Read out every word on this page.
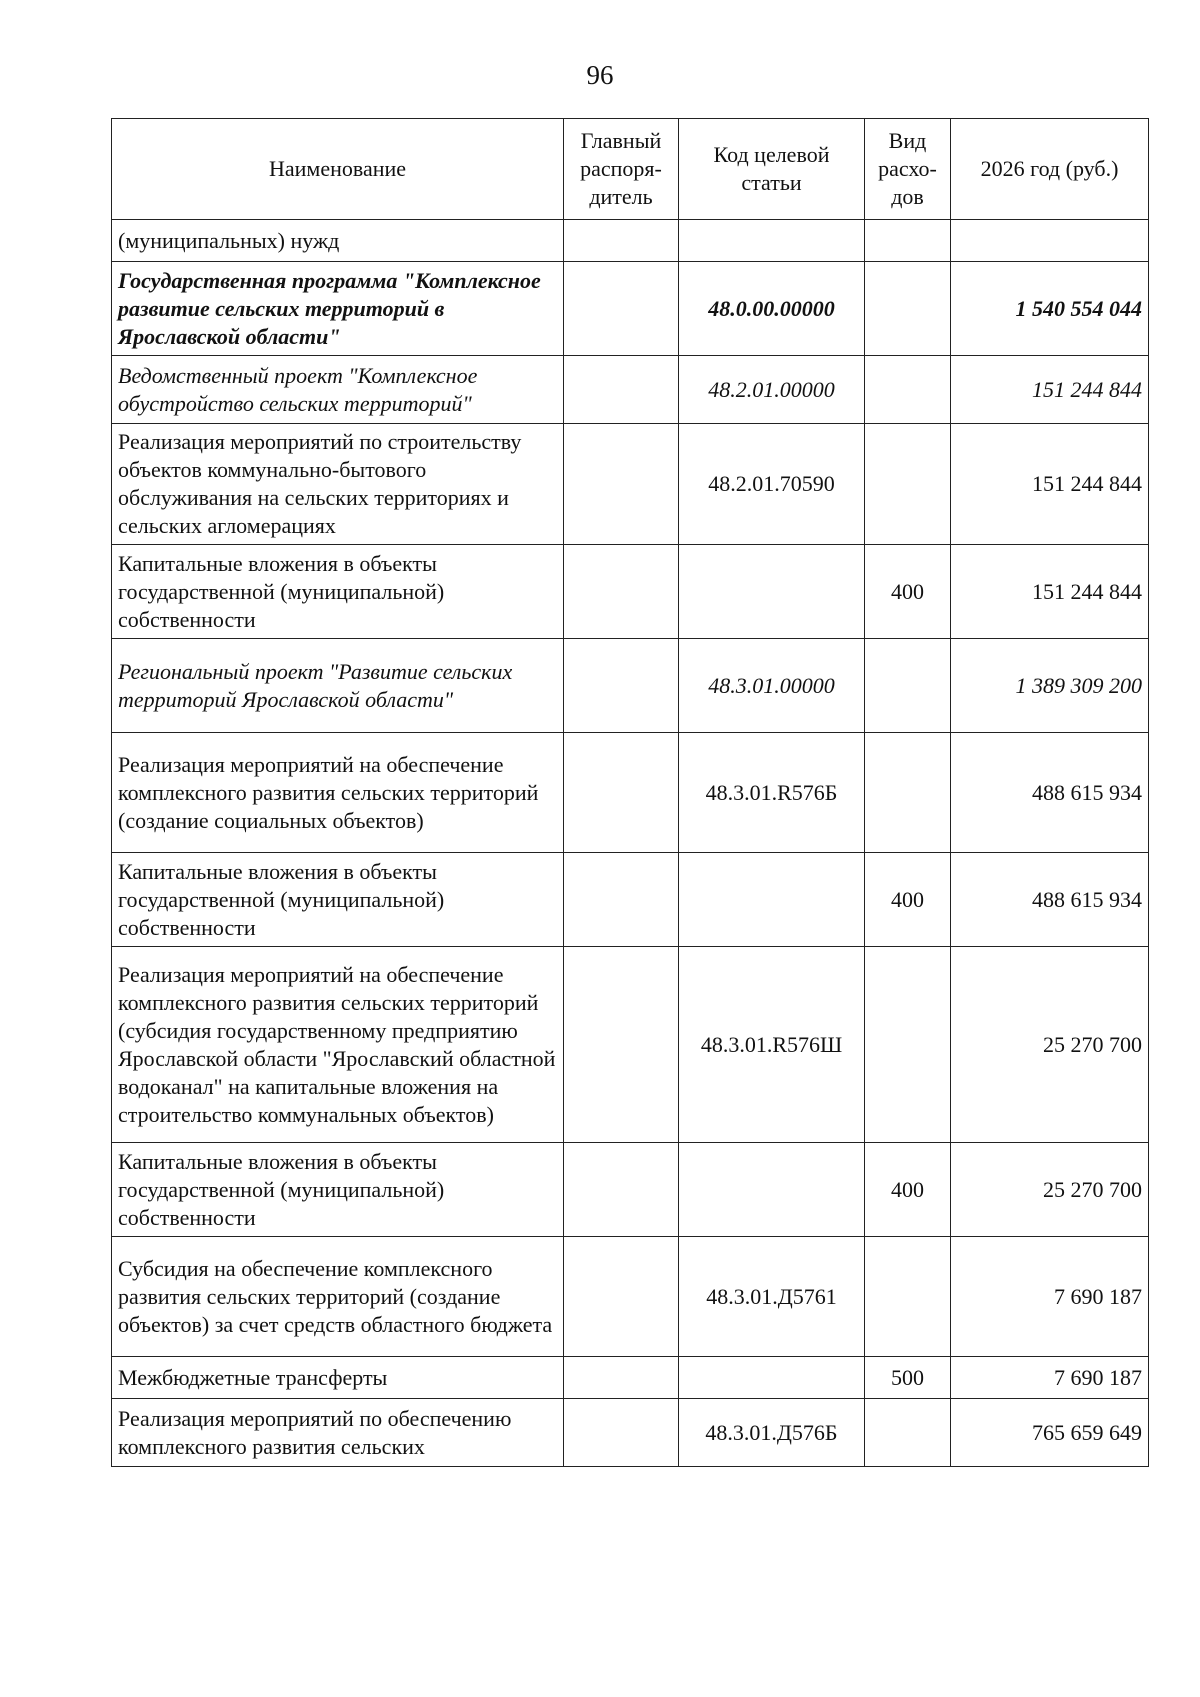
96
Наименование	Главный распоря-дитель	Код целевой статьи	Вид расхо-дов	2026 год (руб.)
(муниципальных) нужд				
Государственная программа "Комплексное развитие сельских территорий в Ярославской области"		48.0.00.00000		1 540 554 044
Ведомственный проект "Комплексное обустройство сельских территорий"		48.2.01.00000		151 244 844
Реализация мероприятий по строительству объектов коммунально-бытового обслуживания на сельских территориях и сельских агломерациях		48.2.01.70590		151 244 844
Капитальные вложения в объекты государственной (муниципальной) собственности			400	151 244 844
Региональный проект "Развитие сельских территорий Ярославской области"		48.3.01.00000		1 389 309 200
Реализация мероприятий на обеспечение комплексного развития сельских территорий (создание социальных объектов)		48.3.01.R576Б		488 615 934
Капитальные вложения в объекты государственной (муниципальной) собственности			400	488 615 934
Реализация мероприятий на обеспечение комплексного развития сельских территорий (субсидия государственному предприятию Ярославской области "Ярославский областной водоканал" на капитальные вложения на строительство коммунальных объектов)		48.3.01.R576Ш		25 270 700
Капитальные вложения в объекты государственной (муниципальной) собственности			400	25 270 700
Субсидия на обеспечение комплексного развития сельских территорий (создание объектов) за счет средств областного бюджета		48.3.01.Д5761		7 690 187
Межбюджетные трансферты			500	7 690 187
Реализация мероприятий по обеспечению комплексного развития сельских		48.3.01.Д576Б		765 659 649
